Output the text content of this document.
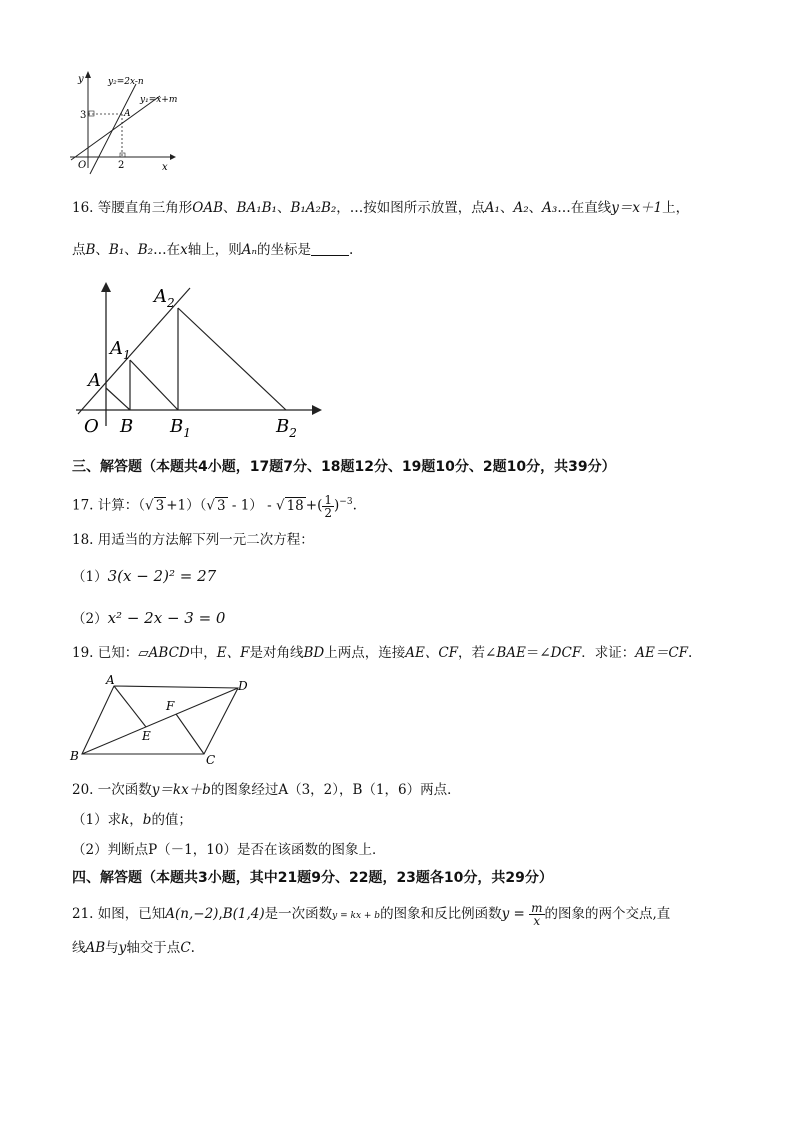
y
x
O
y₂=2x-n
y₁=x+m
A
3
2
16. 等腰直角三角形OAB、BA₁B₁、B₁A₂B₂，…按如图所示放置，点A₁、A₂、A₃…在直线y＝x＋1上，
点B、B₁、B₂…在x轴上，则Aₙ的坐标是	.
A
$A_1$
$A_2$
O B $B_1$	$B_2$
三、解答题（本题共4小题，17题7分、18题12分、19题10分、2题10分，共39分）
17. 计算：（√ 3 +1）（√ 3 - 1） - √ 18 +( $\frac{1}{2} )^{-3}$.
18. 用适当的方法解下列一元二次方程：
（1）3(x − 2)² = 27
（2）x² − 2x − 3 = 0
19. 已知：▱ABCD中，E、F是对角线BD上两点，连接AE、CF，若∠BAE＝∠DCF．求证：AE＝CF.
A	D
F
E
B	C
20. 一次函数y＝kx＋b的图象经过A（3，2），B（1，6）两点．
（1）求k，b的值；
（2）判断点P（－1，10）是否在该函数的图象上．
四、解答题（本题共3小题，其中21题9分、22题，23题各10分，共29分）
21. 如图，已知A(n,−2),B(1,4)是一次函数y = kx + b的图象和反比例函数$y = \frac{m}{x}$ 的图象的两个交点,直
线AB与y轴交于点C.
